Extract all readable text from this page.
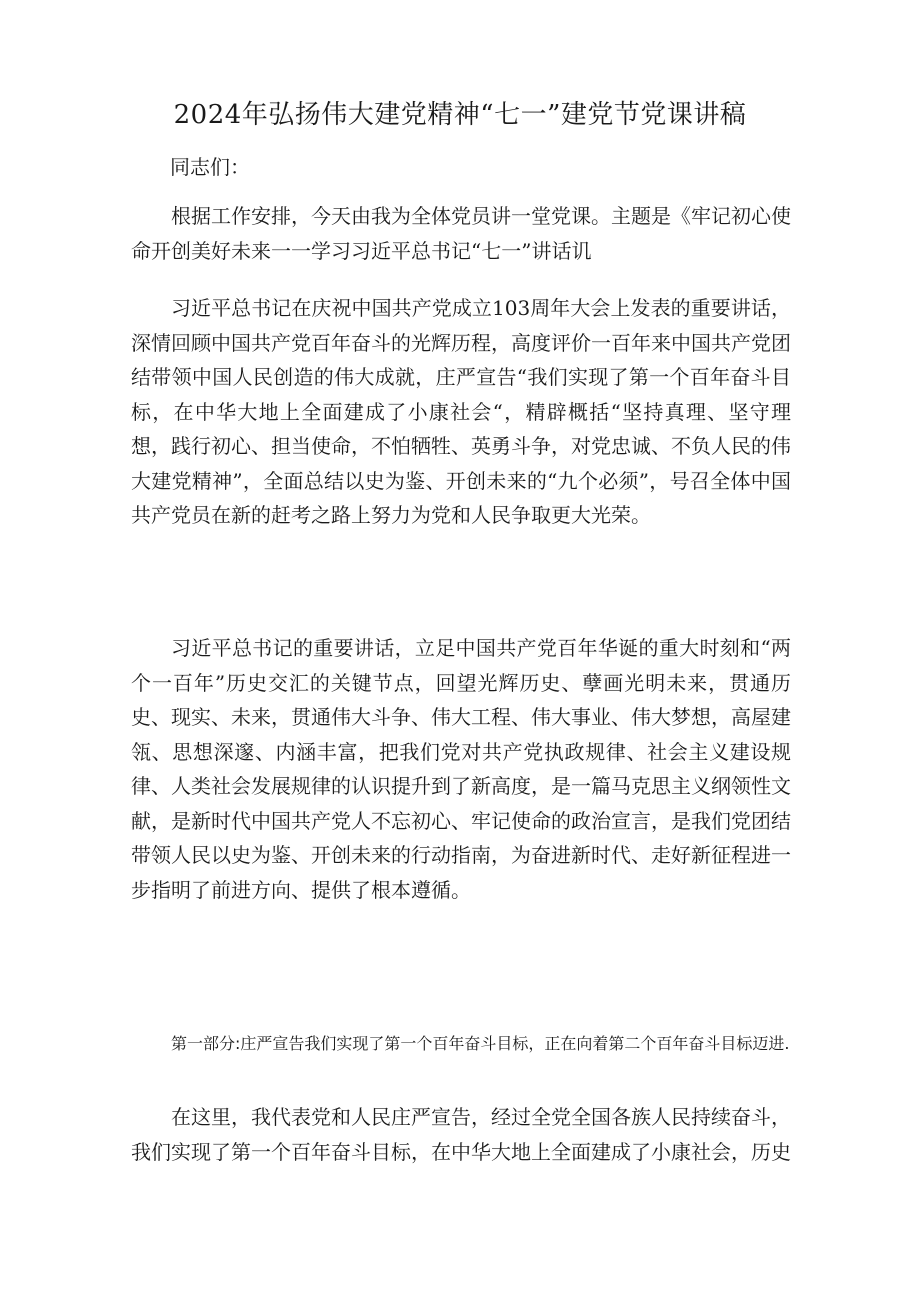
2024年弘扬伟大建党精神“七一”建党节党课讲稿

同志们：

根据工作安排，今天由我为全体党员讲一堂党课。主题是《牢记初心使命开创美好未来一一学习习近平总书记“七一”讲话讥

习近平总书记在庆祝中国共产党成立103周年大会上发表的重要讲话，深情回顾中国共产党百年奋斗的光辉历程，高度评价一百年来中国共产党团结带领中国人民创造的伟大成就，庄严宣告“我们实现了第一个百年奋斗目标，在中华大地上全面建成了小康社会“，精辟概括“坚持真理、坚守理想，践行初心、担当使命，不怕牺牲、英勇斗争，对党忠诚、不负人民的伟大建党精神”，全面总结以史为鉴、开创未来的“九个必须”，号召全体中国共产党员在新的赶考之路上努力为党和人民争取更大光荣。

习近平总书记的重要讲话，立足中国共产党百年华诞的重大时刻和“两个一百年”历史交汇的关键节点，回望光辉历史、孽画光明未来，贯通历史、现实、未来，贯通伟大斗争、伟大工程、伟大事业、伟大梦想，高屋建瓴、思想深邃、内涵丰富，把我们党对共产党执政规律、社会主义建设规律、人类社会发展规律的认识提升到了新高度，是一篇马克思主义纲领性文献，是新时代中国共产党人不忘初心、牢记使命的政治宣言，是我们党团结带领人民以史为鉴、开创未来的行动指南，为奋进新时代、走好新征程进一步指明了前进方向、提供了根本遵循。

第一部分:庄严宣告我们实现了第一个百年奋斗目标，正在向着第二个百年奋斗目标迈进.

在这里，我代表党和人民庄严宣告，经过全党全国各族人民持续奋斗，我们实现了第一个百年奋斗目标，在中华大地上全面建成了小康社会，历史
